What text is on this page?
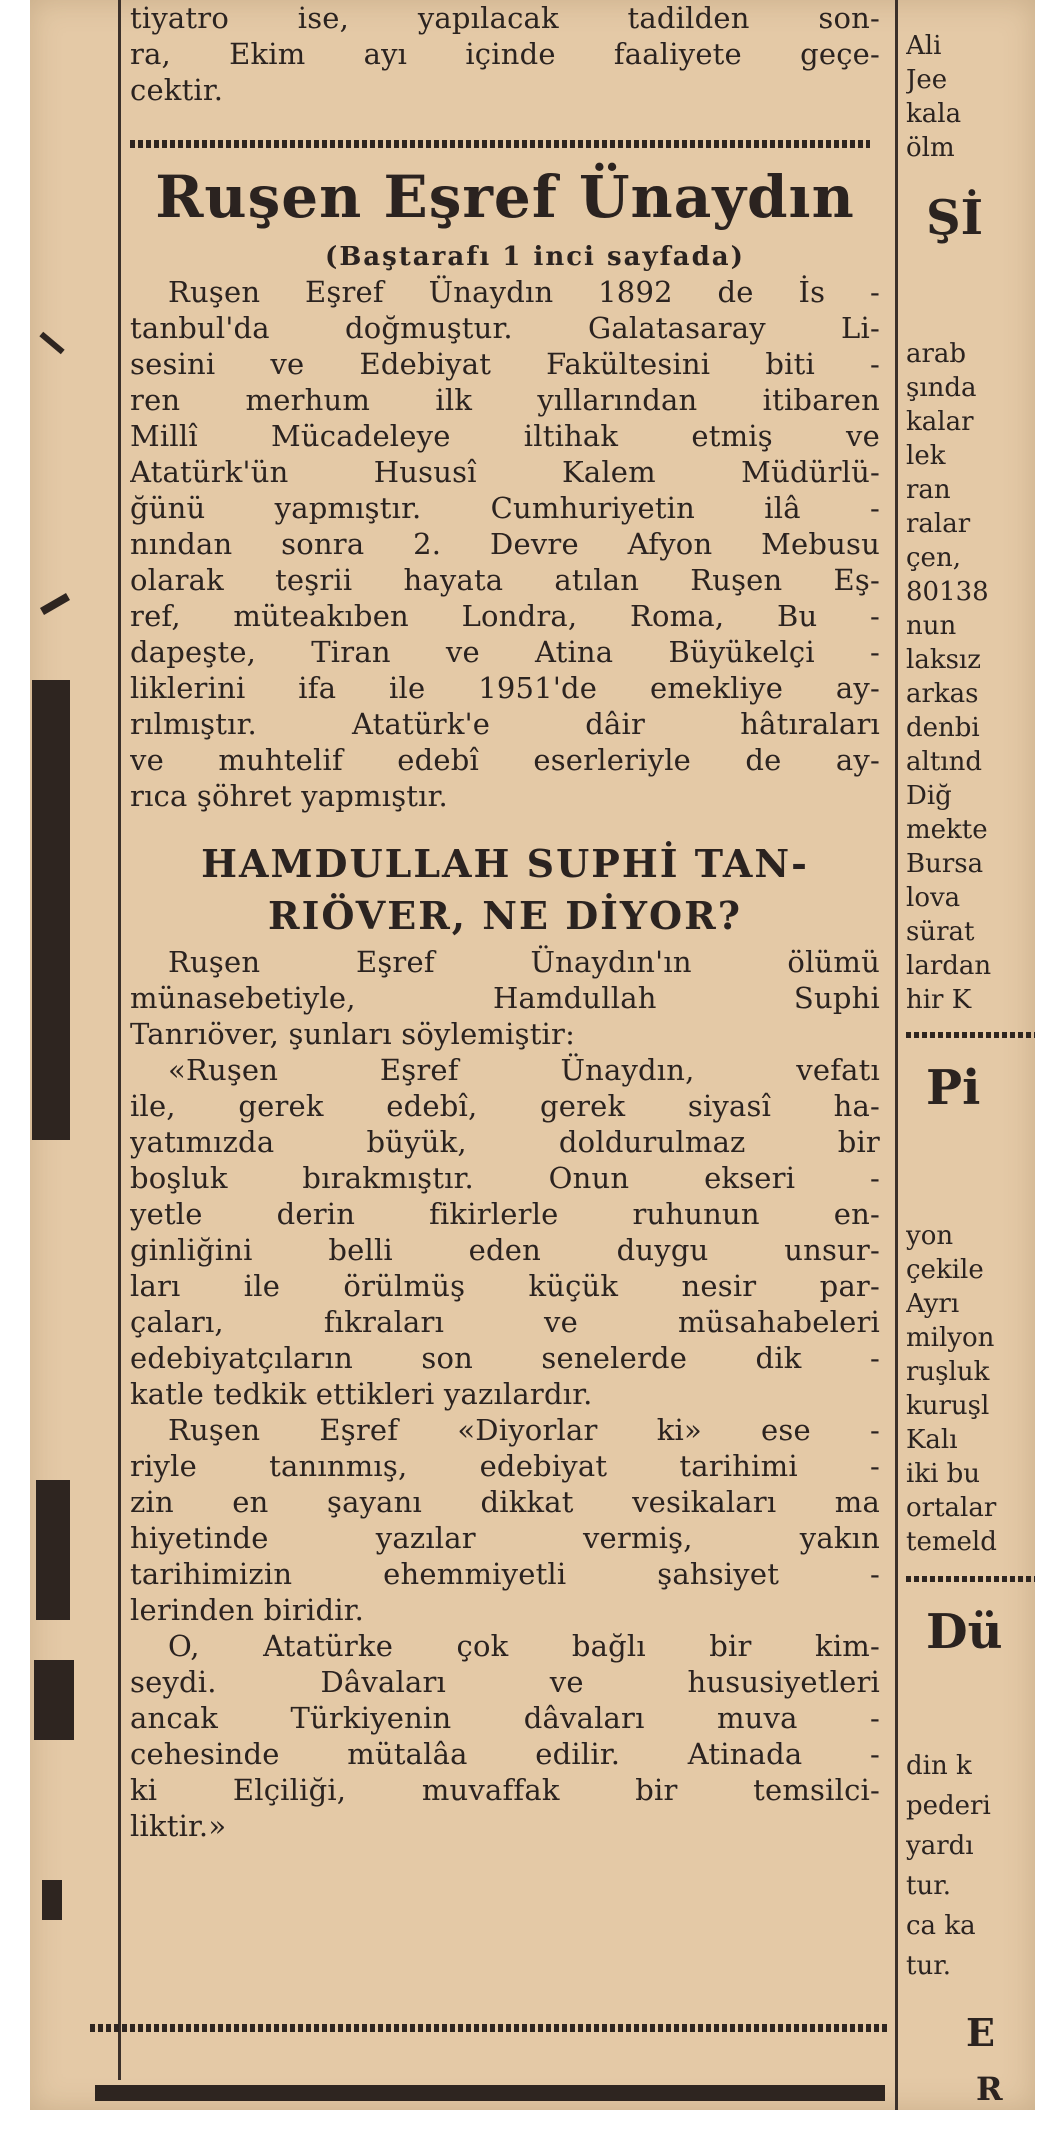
tiyatro ise, yapılacak tadilden son-
ra, Ekim ayı içinde faaliyete geçe-
cektir.
Ruşen Eşref Ünaydın
(Baştarafı 1 inci sayfada)
Ruşen Eşref Ünaydın 1892 de İs -
tanbul'da doğmuştur. Galatasaray Li-
sesini ve Edebiyat Fakültesini biti -
ren merhum ilk yıllarından itibaren
Millî Mücadeleye iltihak etmiş ve
Atatürk'ün Hususî Kalem Müdürlü-
ğünü yapmıştır. Cumhuriyetin ilâ -
nından sonra 2. Devre Afyon Mebusu
olarak teşrii hayata atılan Ruşen Eş-
ref, müteakıben Londra, Roma, Bu -
dapeşte, Tiran ve Atina Büyükelçi -
liklerini ifa ile 1951'de emekliye ay-
rılmıştır. Atatürk'e dâir hâtıraları
ve muhtelif edebî eserleriyle de ay-
rıca şöhret yapmıştır.
HAMDULLAH SUPHİ TAN-
RIÖVER, NE DİYOR?
Ruşen Eşref Ünaydın'ın ölümü
münasebetiyle, Hamdullah Suphi
Tanrıöver, şunları söylemiştir:
«Ruşen Eşref Ünaydın, vefatı
ile, gerek edebî, gerek siyasî ha-
yatımızda büyük, doldurulmaz bir
boşluk bırakmıştır. Onun ekseri -
yetle derin fikirlerle ruhunun en-
ginliğini belli eden duygu unsur-
ları ile örülmüş küçük nesir par-
çaları, fıkraları ve müsahabeleri
edebiyatçıların son senelerde dik -
katle tedkik ettikleri yazılardır.
Ruşen Eşref «Diyorlar ki» ese -
riyle tanınmış, edebiyat tarihimi -
zin en şayanı dikkat vesikaları ma
hiyetinde yazılar vermiş, yakın
tarihimizin ehemmiyetli şahsiyet -
lerinden biridir.
O, Atatürke çok bağlı bir kim-
seydi. Dâvaları ve hususiyetleri
ancak Türkiyenin dâvaları muva -
cehesinde mütalâa edilir. Atinada -
ki Elçiliği, muvaffak bir temsilci-
liktir.»
Ali
Jee
kala
ölm
Şİ
arab
şında
kalar
lek
ran
ralar
çen,
80138
nun
laksız
arkas
denbi
altınd
Diğ
mekte
Bursa
lova
sürat
lardan
hir K
Pi
yon
çekile
Ayrı
milyon
ruşluk
kuruşl
Kalı
iki bu
ortalar
temeld
Dü
din k
pederi
yardı
tur.
ca ka
tur.
E
R
